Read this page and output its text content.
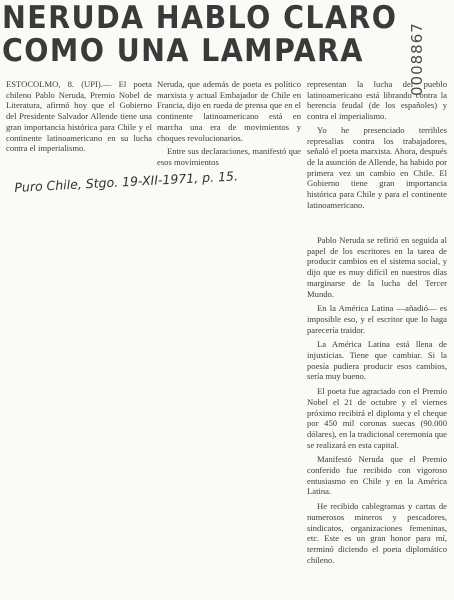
NERUDA HABLO CLARO
COMO UNA LAMPARA	0008867

ESTOCOLMO, 8. (UPI).— El poeta chileno Pablo Neruda, Premio Nobel de Literatura, afirmó hoy que el Gobierno del Presidente Salvador Allende tiene una gran importancia histórica para Chile y el continente latinoamericano en su lucha contra el imperialismo.

Neruda, que además de poeta es político marxista y actual Embajador de Chile en Francia, dijo en rueda de prensa que en el continente latinoamericano está en marcha una era de movimientos y choques revolucionarios.

Entre sus declaraciones, manifestó que esos movimientos

representan la lucha del pueblo latinoamericano está librando contra la herencia feudal (de los españoles) y contra el imperialismo.

Yo he presenciado terribles represalias contra los trabajadores, señaló el poeta marxista. Ahora, después de la asunción de Allende, ha habido por primera vez un cambio en Chile. El Gobierno tiene gran importancia histórica para Chile y para el continente latinoamericano.

Pablo Neruda se refirió en seguida al papel de los escritores en la tarea de producir cambios en el sistema social, y dijo que es muy difícil en nuestros días marginarse de la lucha del Tercer Mundo.

En la América Latina —añadió— es imposible eso, y el escritor que lo haga parecería traidor.

La América Latina está llena de injusticias. Tiene que cambiar. Si la poesía pudiera producir esos cambios, sería muy bueno.

El poeta fue agraciado con el Premio Nobel el 21 de octubre y el viernes próximo recibirá el diploma y el cheque por 450 mil coronas suecas (90.000 dólares), en la tradicional ceremonia que se realizará en esta capital.

Manifestó Neruda que el Premio conferido fue recibido con vigoroso entusiasmo en Chile y en la América Latina.

He recibido cablegramas y cartas de numerosos mineros y pescadores, sindicatos, organizaciones femeninas, etc. Este es un gran honor para mí, terminó diciendo el poeta diplomático chileno.

Puro Chile, Stgo. 19-XII-1971, p. 15.
